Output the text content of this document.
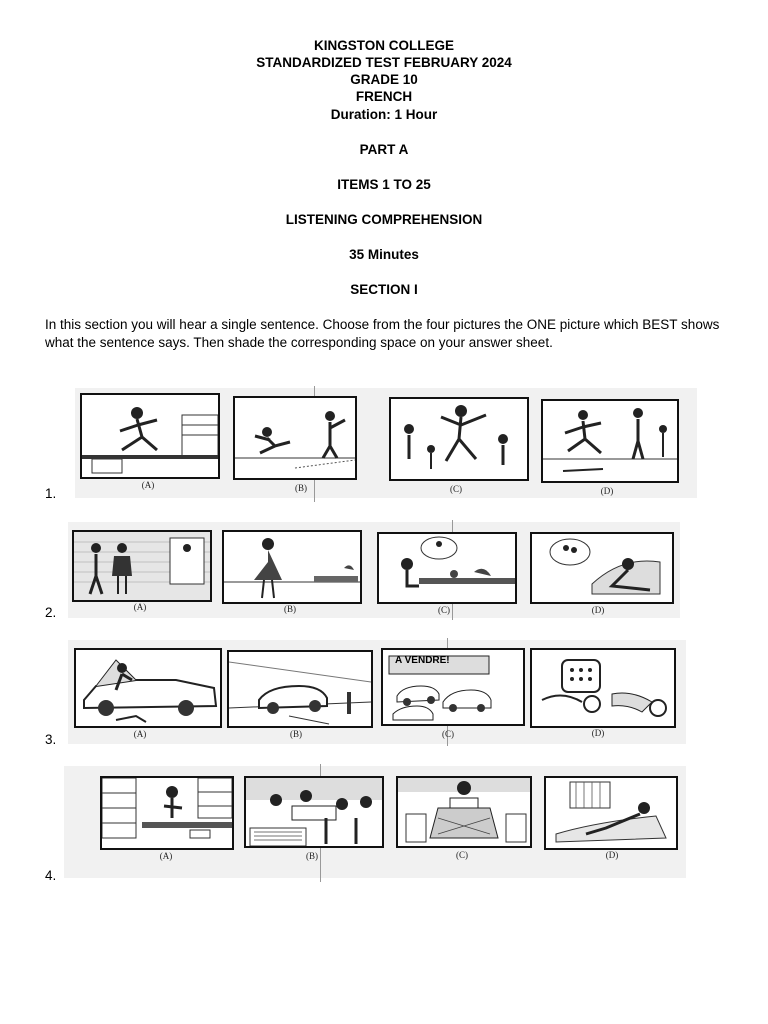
KINGSTON COLLEGE
STANDARDIZED TEST FEBRUARY 2024
GRADE 10
FRENCH
Duration: 1 Hour
PART A
ITEMS 1 TO 25
LISTENING COMPREHENSION
35 Minutes
SECTION I
In this section you will hear a single sentence. Choose from the four pictures the ONE picture which BEST shows what the sentence says. Then shade the corresponding space on your answer sheet.
(A)	(B)	(C)	(D)
1.
(A)	(B)	(C)	(D)
2.
A VENDRE!
(A)	(B)	(C)	(D)
3.
(A)	(B)	(C)	(D)
4.
